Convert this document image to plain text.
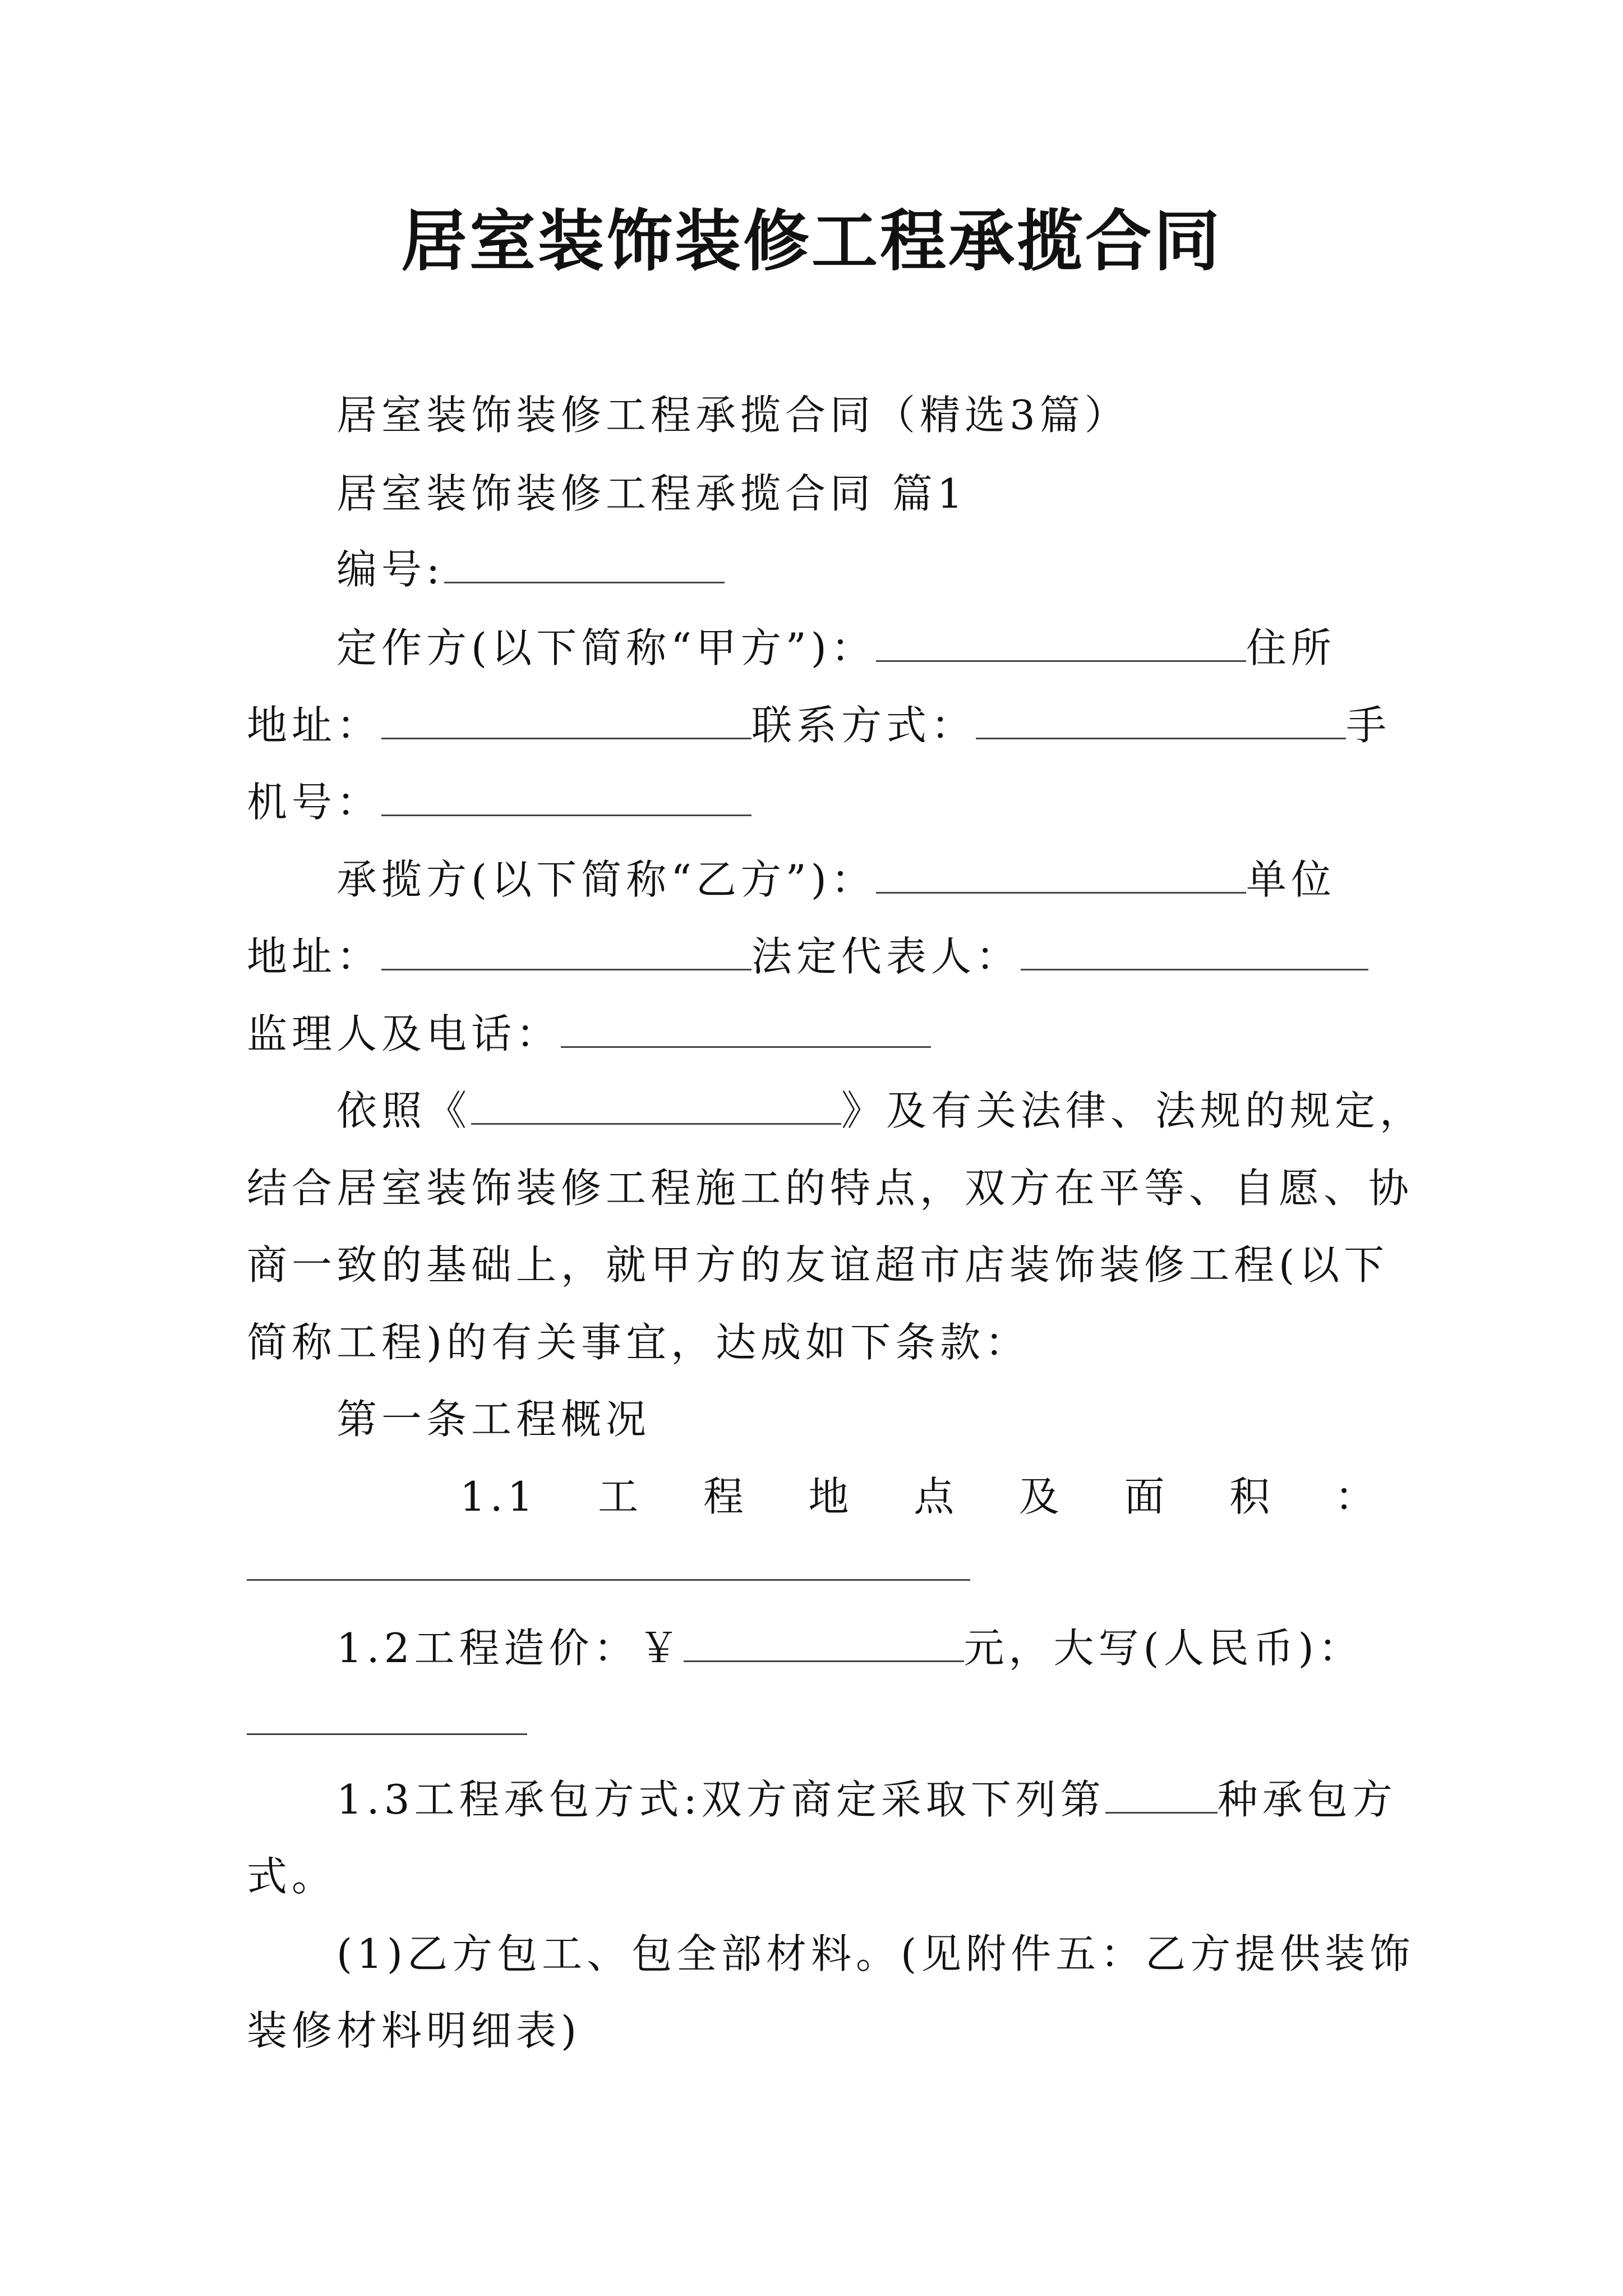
居室装饰装修工程承揽合同
居室装饰装修工程承揽合同（精选3篇）
居室装饰装修工程承揽合同 篇1
编号:
定作方(以下简称“甲方”)：	住所
地址：	联系方式：	手
机号：
承揽方(以下简称“乙方”)：	单位
地址：	法定代表人：
监理人及电话：
依照《	》及有关法律、法规的规定，
结合居室装饰装修工程施工的特点，双方在平等、自愿、协
商一致的基础上，就甲方的友谊超市店装饰装修工程(以下
简称工程)的有关事宜，达成如下条款：
第一条工程概况
1.1 工 程 地 点 及 面 积 ：
1.2工程造价：￥	元，大写(人民币)：
1.3工程承包方式:双方商定采取下列第	种承包方
式。
(1)乙方包工、包全部材料。(见附件五：乙方提供装饰
装修材料明细表)
